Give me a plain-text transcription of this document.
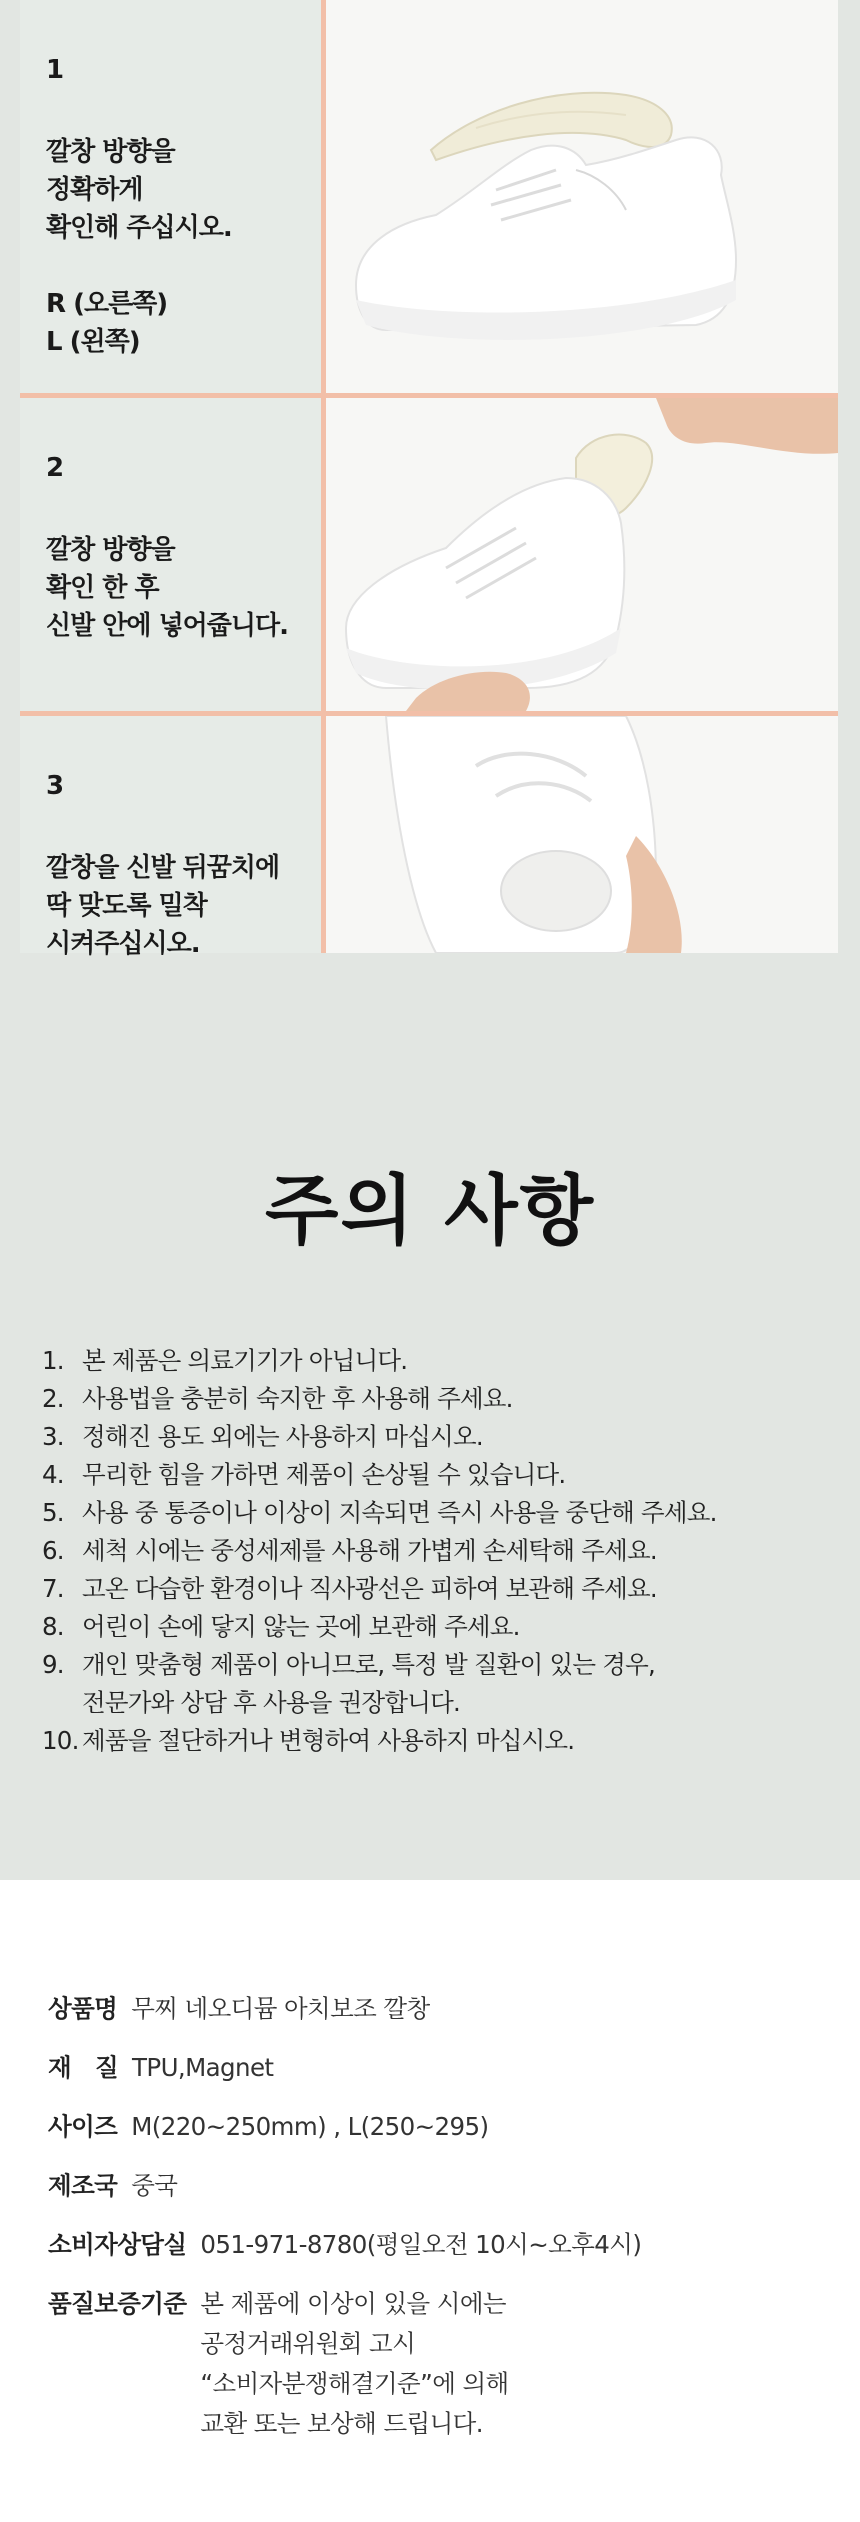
1

깔창 방향을
정확하게
확인해 주십시오.

R (오른쪽)
L (왼쪽)

2

깔창 방향을
확인 한 후
신발 안에 넣어줍니다.

3

깔창을 신발 뒤꿈치에
딱 맞도록 밀착
시켜주십시오.

주의 사항
1. 본 제품은 의료기기가 아닙니다.
2. 사용법을 충분히 숙지한 후 사용해 주세요.
3. 정해진 용도 외에는 사용하지 마십시오.
4. 무리한 힘을 가하면 제품이 손상될 수 있습니다.
5. 사용 중 통증이나 이상이 지속되면 즉시 사용을 중단해 주세요.
6. 세척 시에는 중성세제를 사용해 가볍게 손세탁해 주세요.
7. 고온 다습한 환경이나 직사광선은 피하여 보관해 주세요.
8. 어린이 손에 닿지 않는 곳에 보관해 주세요.
9. 개인 맞춤형 제품이 아니므로, 특정 발 질환이 있는 경우,
전문가와 상담 후 사용을 권장합니다.
10. 제품을 절단하거나 변형하여 사용하지 마십시오.
상품명 무찌 네오디뮴 아치보조 깔창
재　질 TPU,Magnet
사이즈 M(220~250mm) , L(250~295)
제조국 중국
소비자상담실 051-971-8780(평일오전 10시~오후4시)
품질보증기준 본 제품에 이상이 있을 시에는
공정거래위원회 고시
“소비자분쟁해결기준”에 의해
교환 또는 보상해 드립니다.
